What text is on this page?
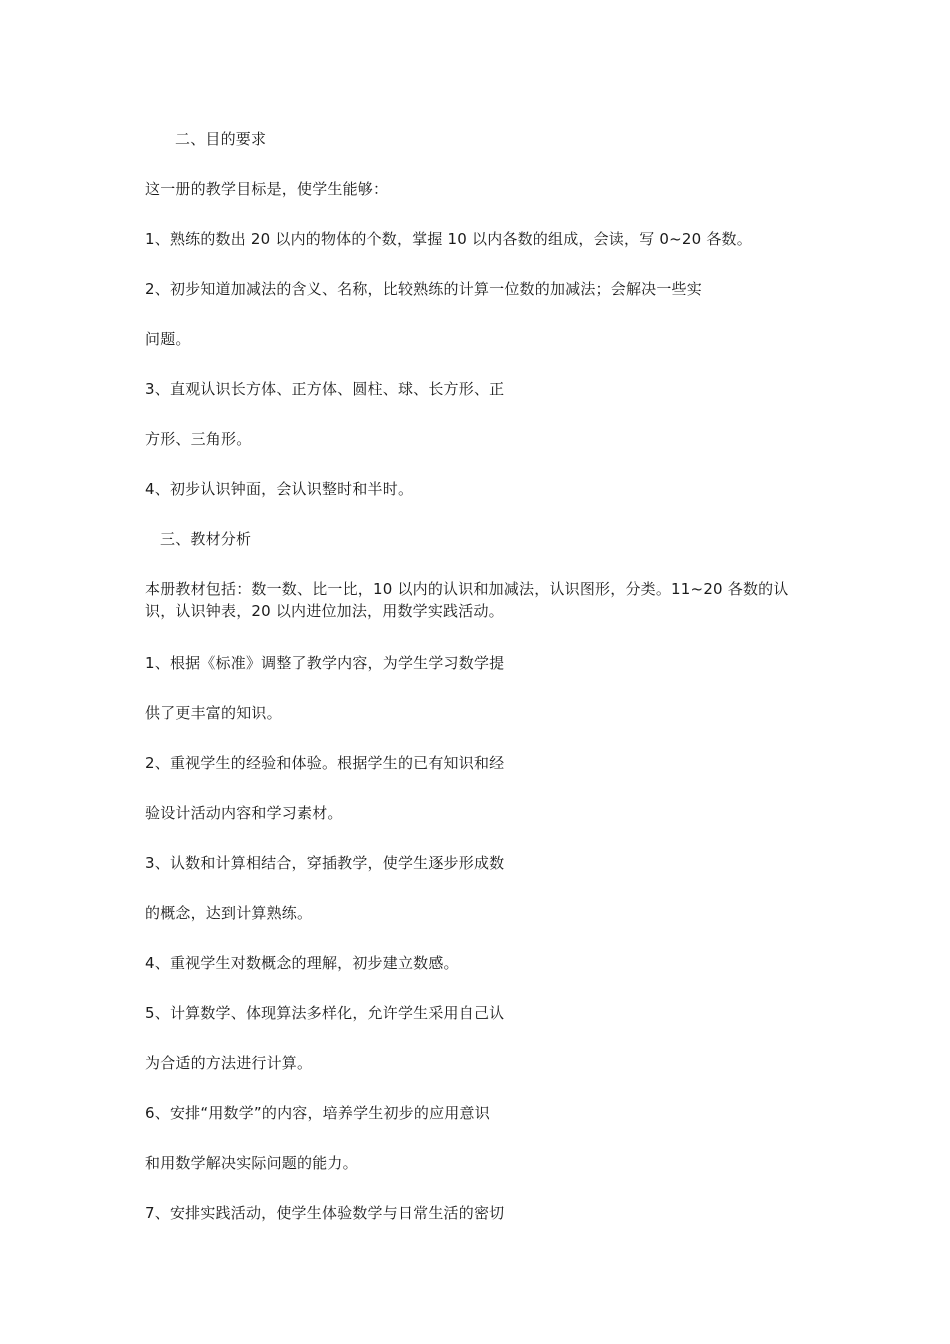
二、目的要求
这一册的教学目标是，使学生能够：
1、熟练的数出 20 以内的物体的个数，掌握 10 以内各数的组成，会读，写 0~20 各数。
2、初步知道加减法的含义、名称，比较熟练的计算一位数的加减法；会解决一些实
问题。
3、直观认识长方体、正方体、圆柱、球、长方形、正
方形、三角形。
4、初步认识钟面，会认识整时和半时。
三、教材分析
本册教材包括：数一数、比一比，10 以内的认识和加减法，认识图形，分类。11~20 各数的认识，认识钟表，20 以内进位加法，用数学实践活动。
1、根据《标准》调整了教学内容，为学生学习数学提
供了更丰富的知识。
2、重视学生的经验和体验。根据学生的已有知识和经
验设计活动内容和学习素材。
3、认数和计算相结合，穿插教学，使学生逐步形成数
的概念，达到计算熟练。
4、重视学生对数概念的理解，初步建立数感。
5、计算数学、体现算法多样化，允许学生采用自己认
为合适的方法进行计算。
6、安排“用数学”的内容，培养学生初步的应用意识
和用数学解决实际问题的能力。
7、安排实践活动，使学生体验数学与日常生活的密切
